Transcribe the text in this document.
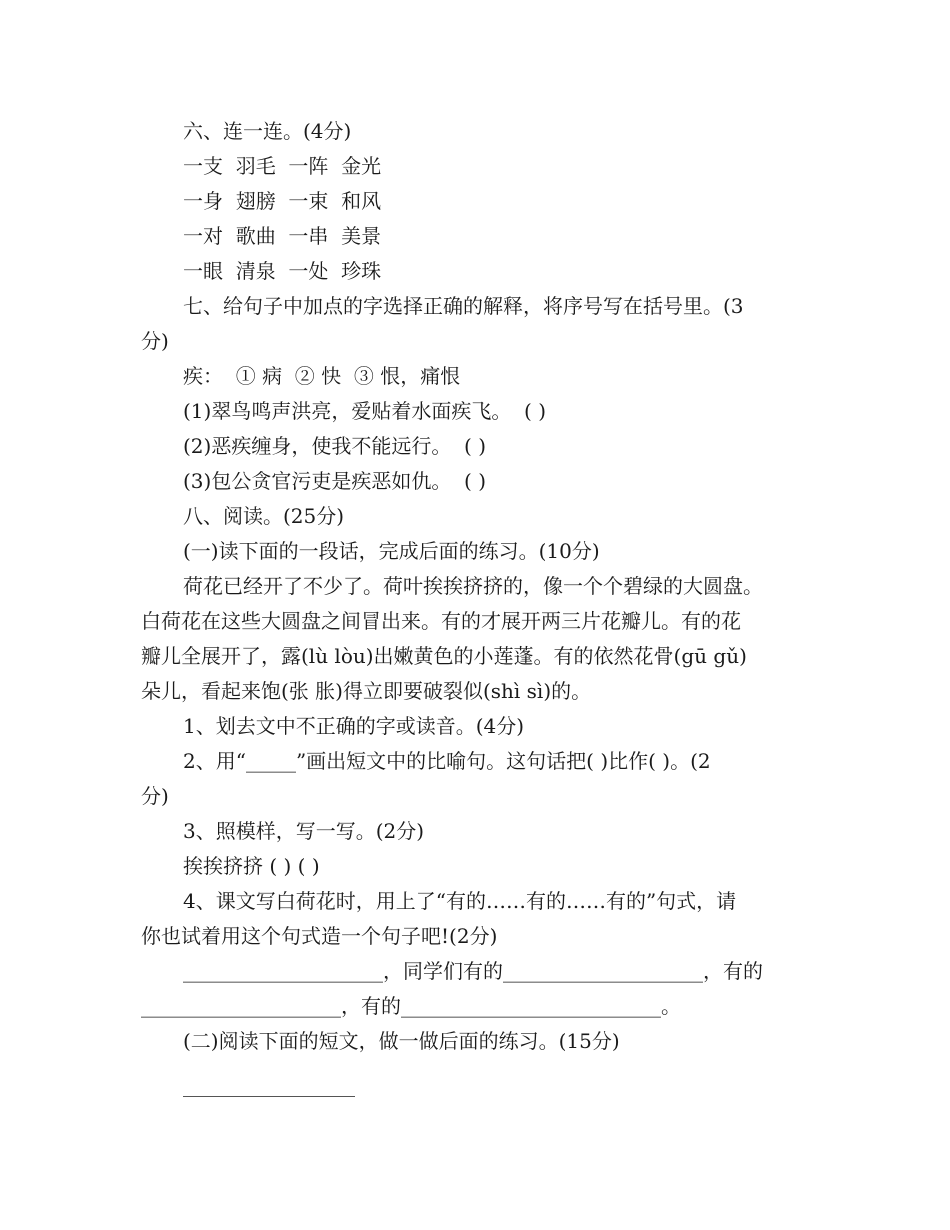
六、连一连。(4分)
一支  羽毛  一阵  金光
一身  翅膀  一束  和风
一对  歌曲  一串  美景
一眼  清泉  一处  珍珠
七、给句子中加点的字选择正确的解释，将序号写在括号里。(3
分)
疾：  ① 病  ② 快  ③ 恨，痛恨
(1)翠鸟鸣声洪亮，爱贴着水面疾飞。  ( )
(2)恶疾缠身，使我不能远行。  ( )
(3)包公贪官污吏是疾恶如仇。  ( )
八、阅读。(25分)
(一)读下面的一段话，完成后面的练习。(10分)
荷花已经开了不少了。荷叶挨挨挤挤的，像一个个碧绿的大圆盘。
白荷花在这些大圆盘之间冒出来。有的才展开两三片花瓣儿。有的花
瓣儿全展开了，露(lù lòu)出嫩黄色的小莲蓬。有的依然花骨(gū gǔ)
朵儿，看起来饱(张 胀)得立即要破裂似(shì sì)的。
1、划去文中不正确的字或读音。(4分)
2、用“_____”画出短文中的比喻句。这句话把( )比作( )。(2
分)
3、照模样，写一写。(2分)
挨挨挤挤 ( ) ( )
4、课文写白荷花时，用上了“有的……有的……有的”句式，请
你也试着用这个句式造一个句子吧!(2分)
____________________，同学们有的____________________，有的
____________________，有的__________________________。
(二)阅读下面的短文，做一做后面的练习。(15分)
